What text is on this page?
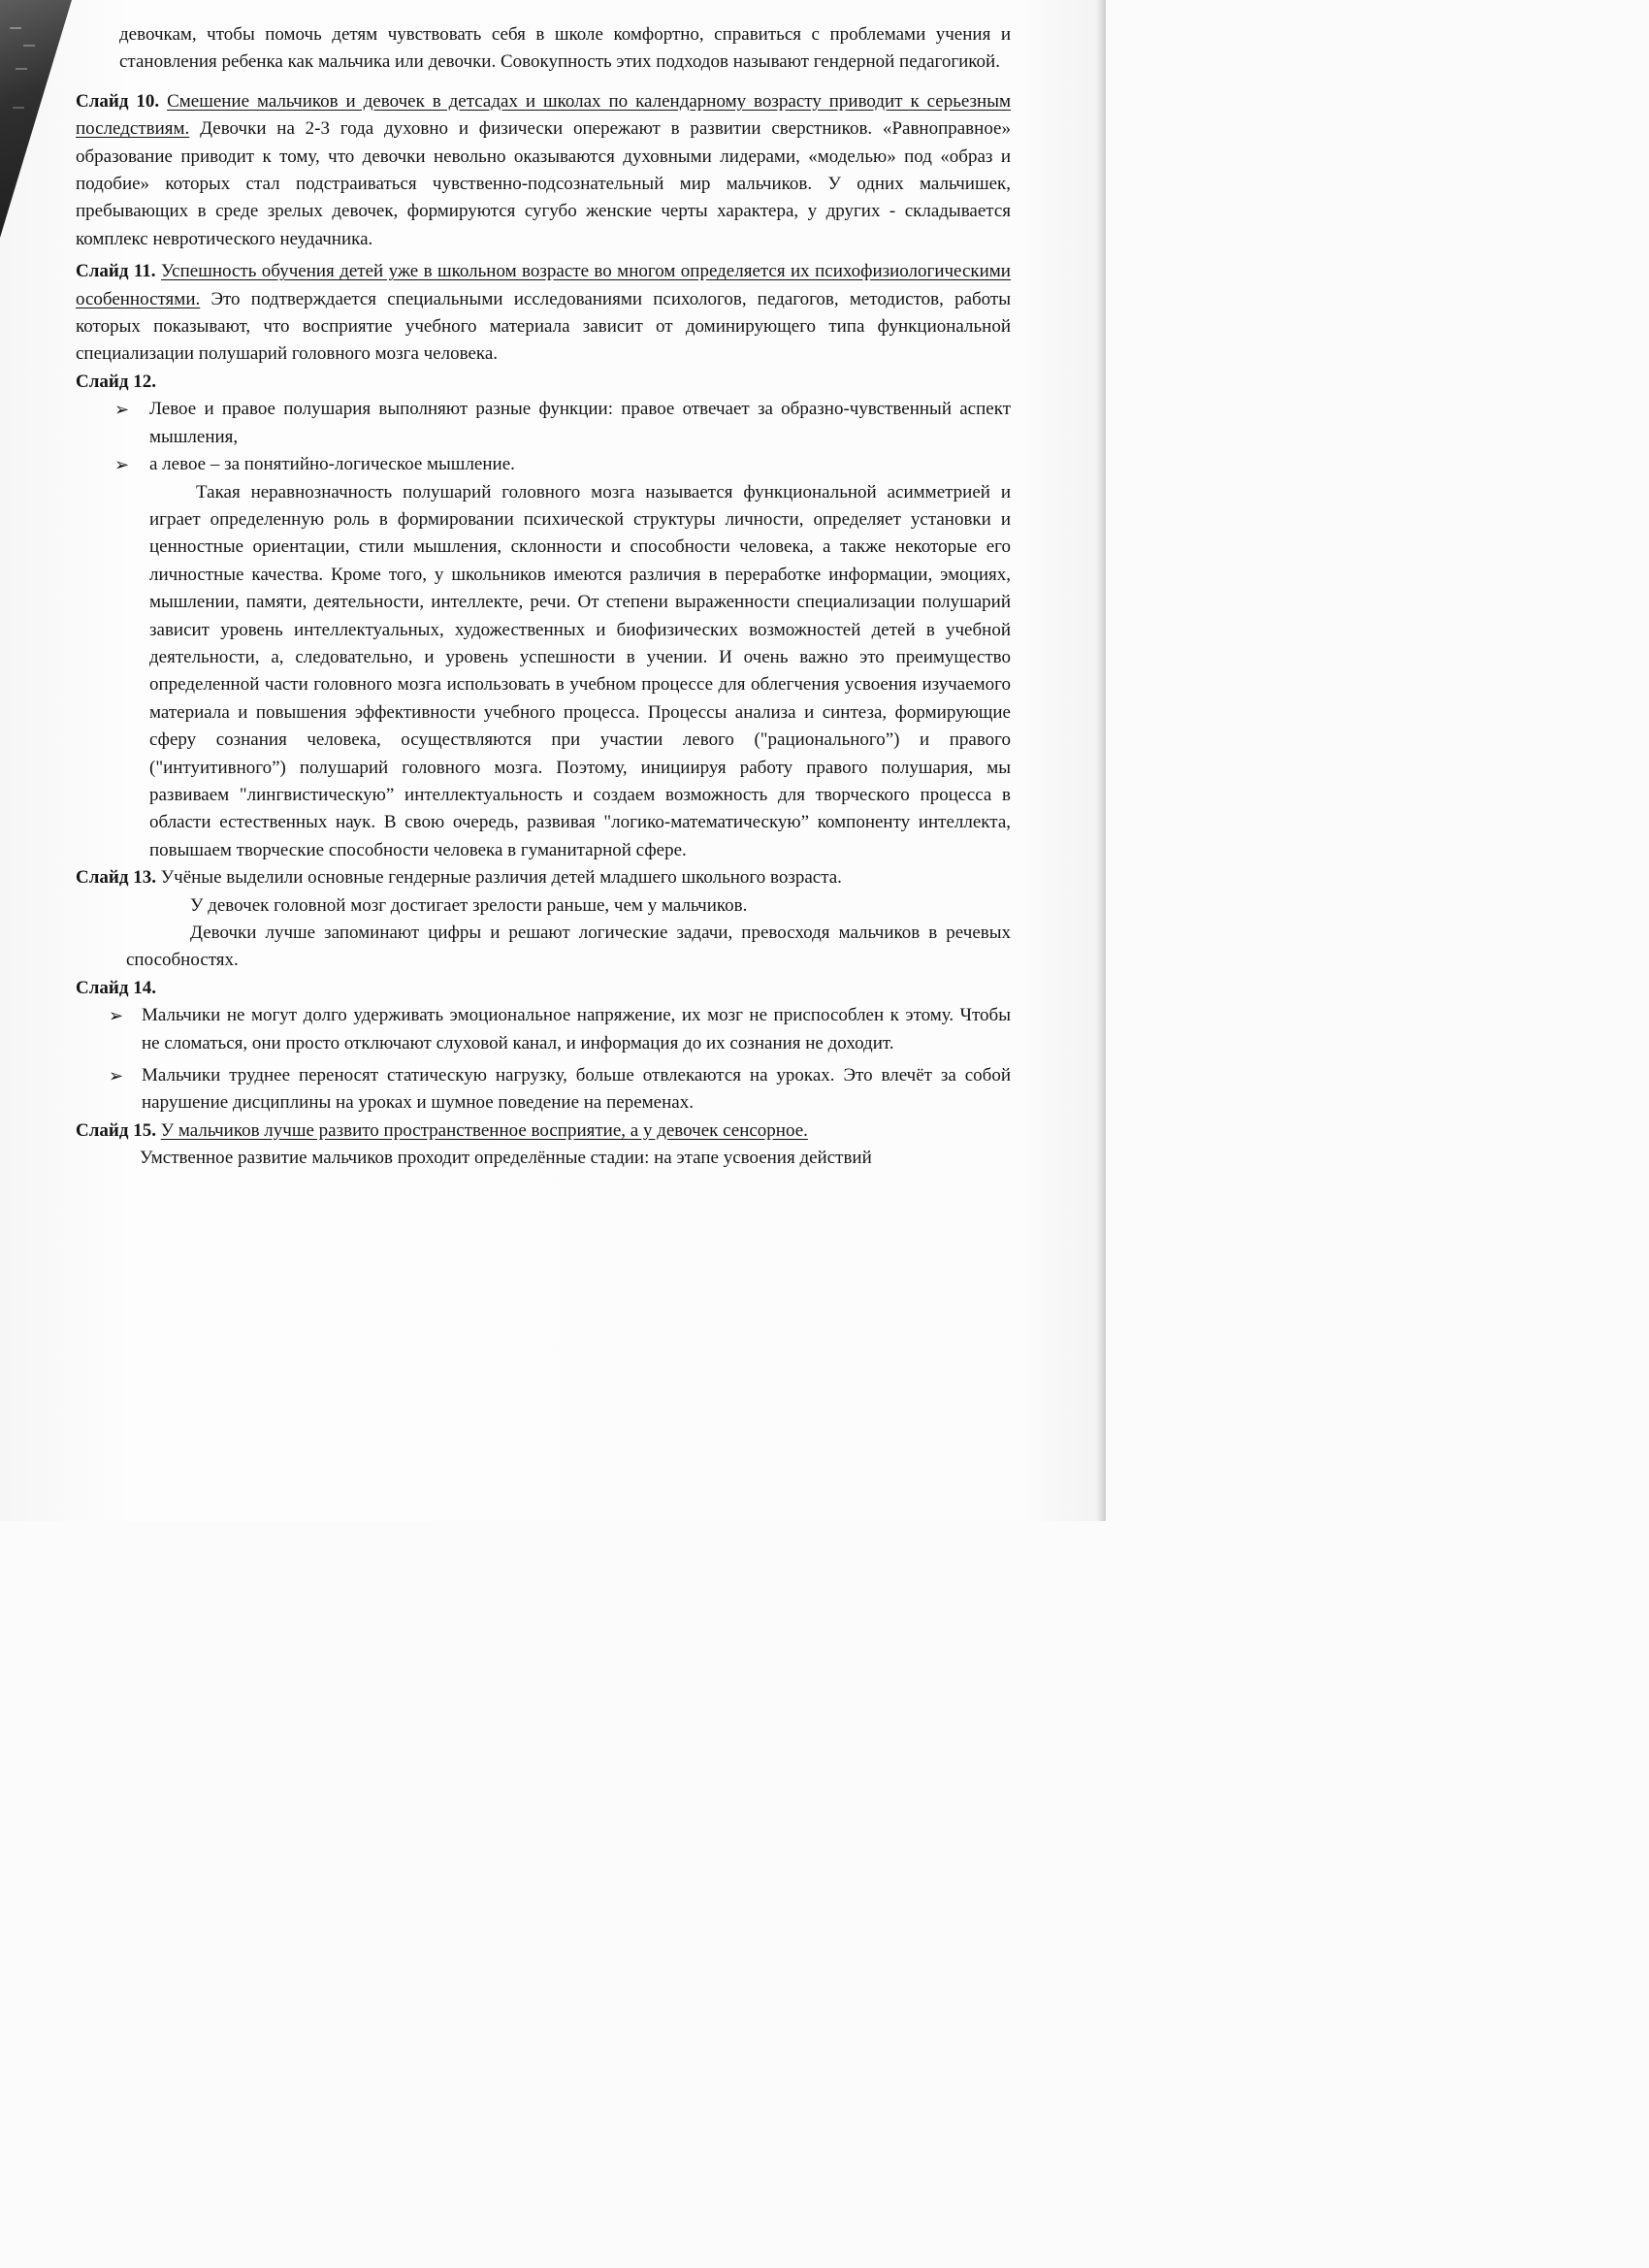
девочкам, чтобы помочь детям чувствовать себя в школе комфортно, справиться с проблемами учения и становления ребенка как мальчика или девочки. Совокупность этих подходов называют гендерной педагогикой.

Слайд 10. Смешение мальчиков и девочек в детсадах и школах по календарному возрасту приводит к серьезным последствиям. Девочки на 2-3 года духовно и физически опережают в развитии сверстников. «Равноправное» образование приводит к тому, что девочки невольно оказываются духовными лидерами, «моделью» под «образ и подобие» которых стал подстраиваться чувственно-подсознательный мир мальчиков. У одних мальчишек, пребывающих в среде зрелых девочек, формируются сугубо женские черты характера, у других - складывается комплекс невротического неудачника.

Слайд 11. Успешность обучения детей уже в школьном возрасте во многом определяется их психофизиологическими особенностями. Это подтверждается специальными исследованиями психологов, педагогов, методистов, работы которых показывают, что восприятие учебного материала зависит от доминирующего типа функциональной специализации полушарий головного мозга человека.

Слайд 12.

➢ Левое и правое полушария выполняют разные функции: правое отвечает за образно-чувственный аспект мышления,

➢ а левое – за понятийно-логическое мышление.

Такая неравнозначность полушарий головного мозга называется функциональной асимметрией и играет определенную роль в формировании психической структуры личности, определяет установки и ценностные ориентации, стили мышления, склонности и способности человека, а также некоторые его личностные качества. Кроме того, у школьников имеются различия в переработке информации, эмоциях, мышлении, памяти, деятельности, интеллекте, речи. От степени выраженности специализации полушарий зависит уровень интеллектуальных, художественных и биофизических возможностей детей в учебной деятельности, а, следовательно, и уровень успешности в учении. И очень важно это преимущество определенной части головного мозга использовать в учебном процессе для облегчения усвоения изучаемого материала и повышения эффективности учебного процесса. Процессы анализа и синтеза, формирующие сферу сознания человека, осуществляются при участии левого ("рационального”) и правого ("интуитивного”) полушарий головного мозга. Поэтому, инициируя работу правого полушария, мы развиваем "лингвистическую” интеллектуальность и создаем возможность для творческого процесса в области естественных наук. В свою очередь, развивая "логико-математическую” компоненту интеллекта, повышаем творческие способности человека в гуманитарной сфере.

Слайд 13. Учёные выделили основные гендерные различия детей младшего школьного возраста.

У девочек головной мозг достигает зрелости раньше, чем у мальчиков.
Девочки лучше запоминают цифры и решают логические задачи, превосходя мальчиков в речевых способностях.

Слайд 14.

➢ Мальчики не могут долго удерживать эмоциональное напряжение, их мозг не приспособлен к этому. Чтобы не сломаться, они просто отключают слуховой канал, и информация до их сознания не доходит.

➢ Мальчики труднее переносят статическую нагрузку, больше отвлекаются на уроках. Это влечёт за собой нарушение дисциплины на уроках и шумное поведение на переменах.

Слайд 15. У мальчиков лучше развито пространственное восприятие, а у девочек сенсорное.

Умственное развитие мальчиков проходит определённые стадии: на этапе усвоения действий
